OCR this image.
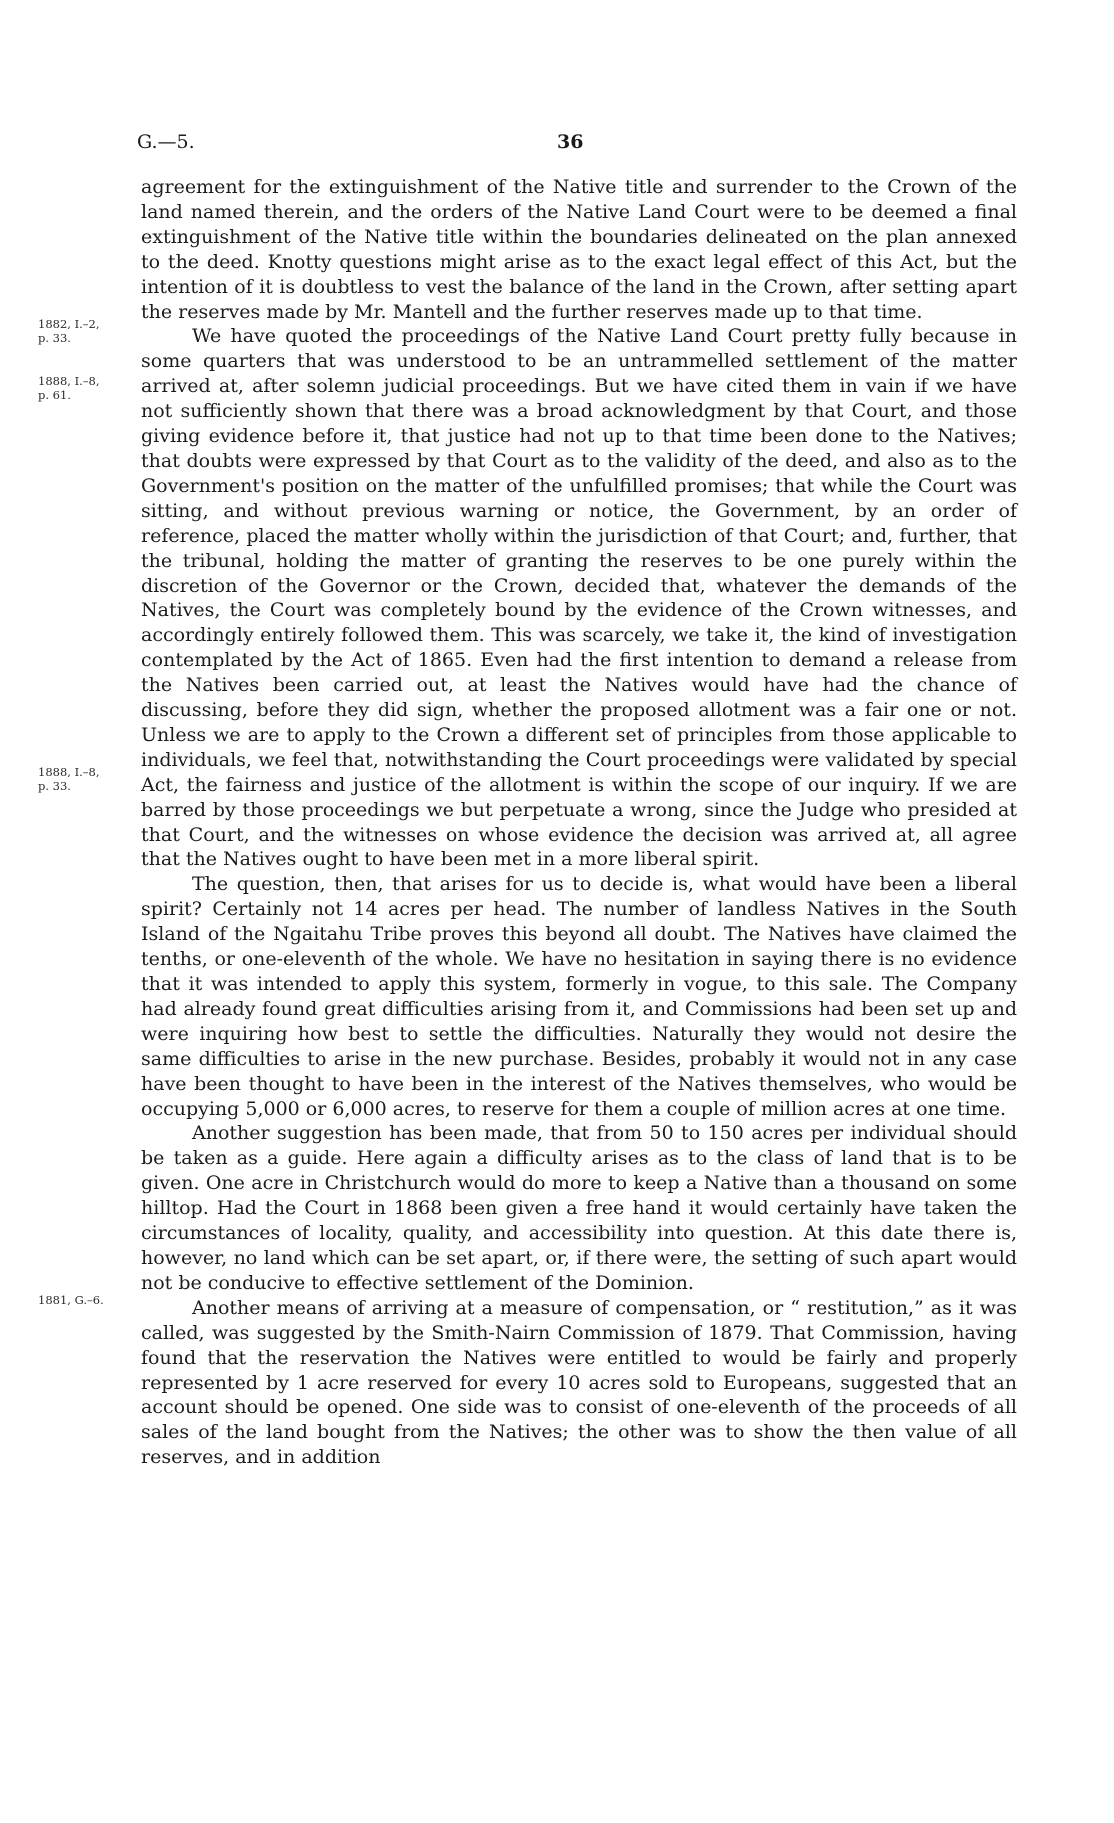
G.—5.	36
1882, I.–2,
p. 33.
1888, I.–8,
p. 61.
1888, I.–8,
p. 33.
1881, G.–6.

agreement for the extinguishment of the Native title and surrender to the Crown of the land named therein, and the orders of the Native Land Court were to be deemed a final extinguishment of the Native title within the boundaries delineated on the plan annexed to the deed. Knotty questions might arise as to the exact legal effect of this Act, but the intention of it is doubtless to vest the balance of the land in the Crown, after setting apart the reserves made by Mr. Mantell and the further reserves made up to that time.

We have quoted the proceedings of the Native Land Court pretty fully because in some quarters that was understood to be an untrammelled settlement of the matter arrived at, after solemn judicial proceedings. But we have cited them in vain if we have not sufficiently shown that there was a broad acknowledgment by that Court, and those giving evidence before it, that justice had not up to that time been done to the Natives; that doubts were expressed by that Court as to the validity of the deed, and also as to the Government's position on the matter of the unfulfilled promises; that while the Court was sitting, and without previous warning or notice, the Government, by an order of reference, placed the matter wholly within the jurisdiction of that Court; and, further, that the tribunal, holding the matter of granting the reserves to be one purely within the discretion of the Governor or the Crown, decided that, whatever the demands of the Natives, the Court was completely bound by the evidence of the Crown witnesses, and accordingly entirely followed them. This was scarcely, we take it, the kind of investigation contemplated by the Act of 1865. Even had the first intention to demand a release from the Natives been carried out, at least the Natives would have had the chance of discussing, before they did sign, whether the proposed allotment was a fair one or not. Unless we are to apply to the Crown a different set of principles from those applicable to individuals, we feel that, notwithstanding the Court proceedings were validated by special Act, the fairness and justice of the allotment is within the scope of our inquiry. If we are barred by those proceedings we but perpetuate a wrong, since the Judge who presided at that Court, and the witnesses on whose evidence the decision was arrived at, all agree that the Natives ought to have been met in a more liberal spirit.

The question, then, that arises for us to decide is, what would have been a liberal spirit? Certainly not 14 acres per head. The number of landless Natives in the South Island of the Ngaitahu Tribe proves this beyond all doubt. The Natives have claimed the tenths, or one-eleventh of the whole. We have no hesitation in saying there is no evidence that it was intended to apply this system, formerly in vogue, to this sale. The Company had already found great difficulties arising from it, and Commissions had been set up and were inquiring how best to settle the difficulties. Naturally they would not desire the same difficulties to arise in the new purchase. Besides, probably it would not in any case have been thought to have been in the interest of the Natives themselves, who would be occupying 5,000 or 6,000 acres, to reserve for them a couple of million acres at one time.

Another suggestion has been made, that from 50 to 150 acres per individual should be taken as a guide. Here again a difficulty arises as to the class of land that is to be given. One acre in Christchurch would do more to keep a Native than a thousand on some hilltop. Had the Court in 1868 been given a free hand it would certainly have taken the circumstances of locality, quality, and accessibility into question. At this date there is, however, no land which can be set apart, or, if there were, the setting of such apart would not be conducive to effective settlement of the Dominion.

Another means of arriving at a measure of compensation, or “ restitution,” as it was called, was suggested by the Smith-Nairn Commission of 1879. That Commission, having found that the reservation the Natives were entitled to would be fairly and properly represented by 1 acre reserved for every 10 acres sold to Europeans, suggested that an account should be opened. One side was to consist of one-eleventh of the proceeds of all sales of the land bought from the Natives; the other was to show the then value of all reserves, and in addition
